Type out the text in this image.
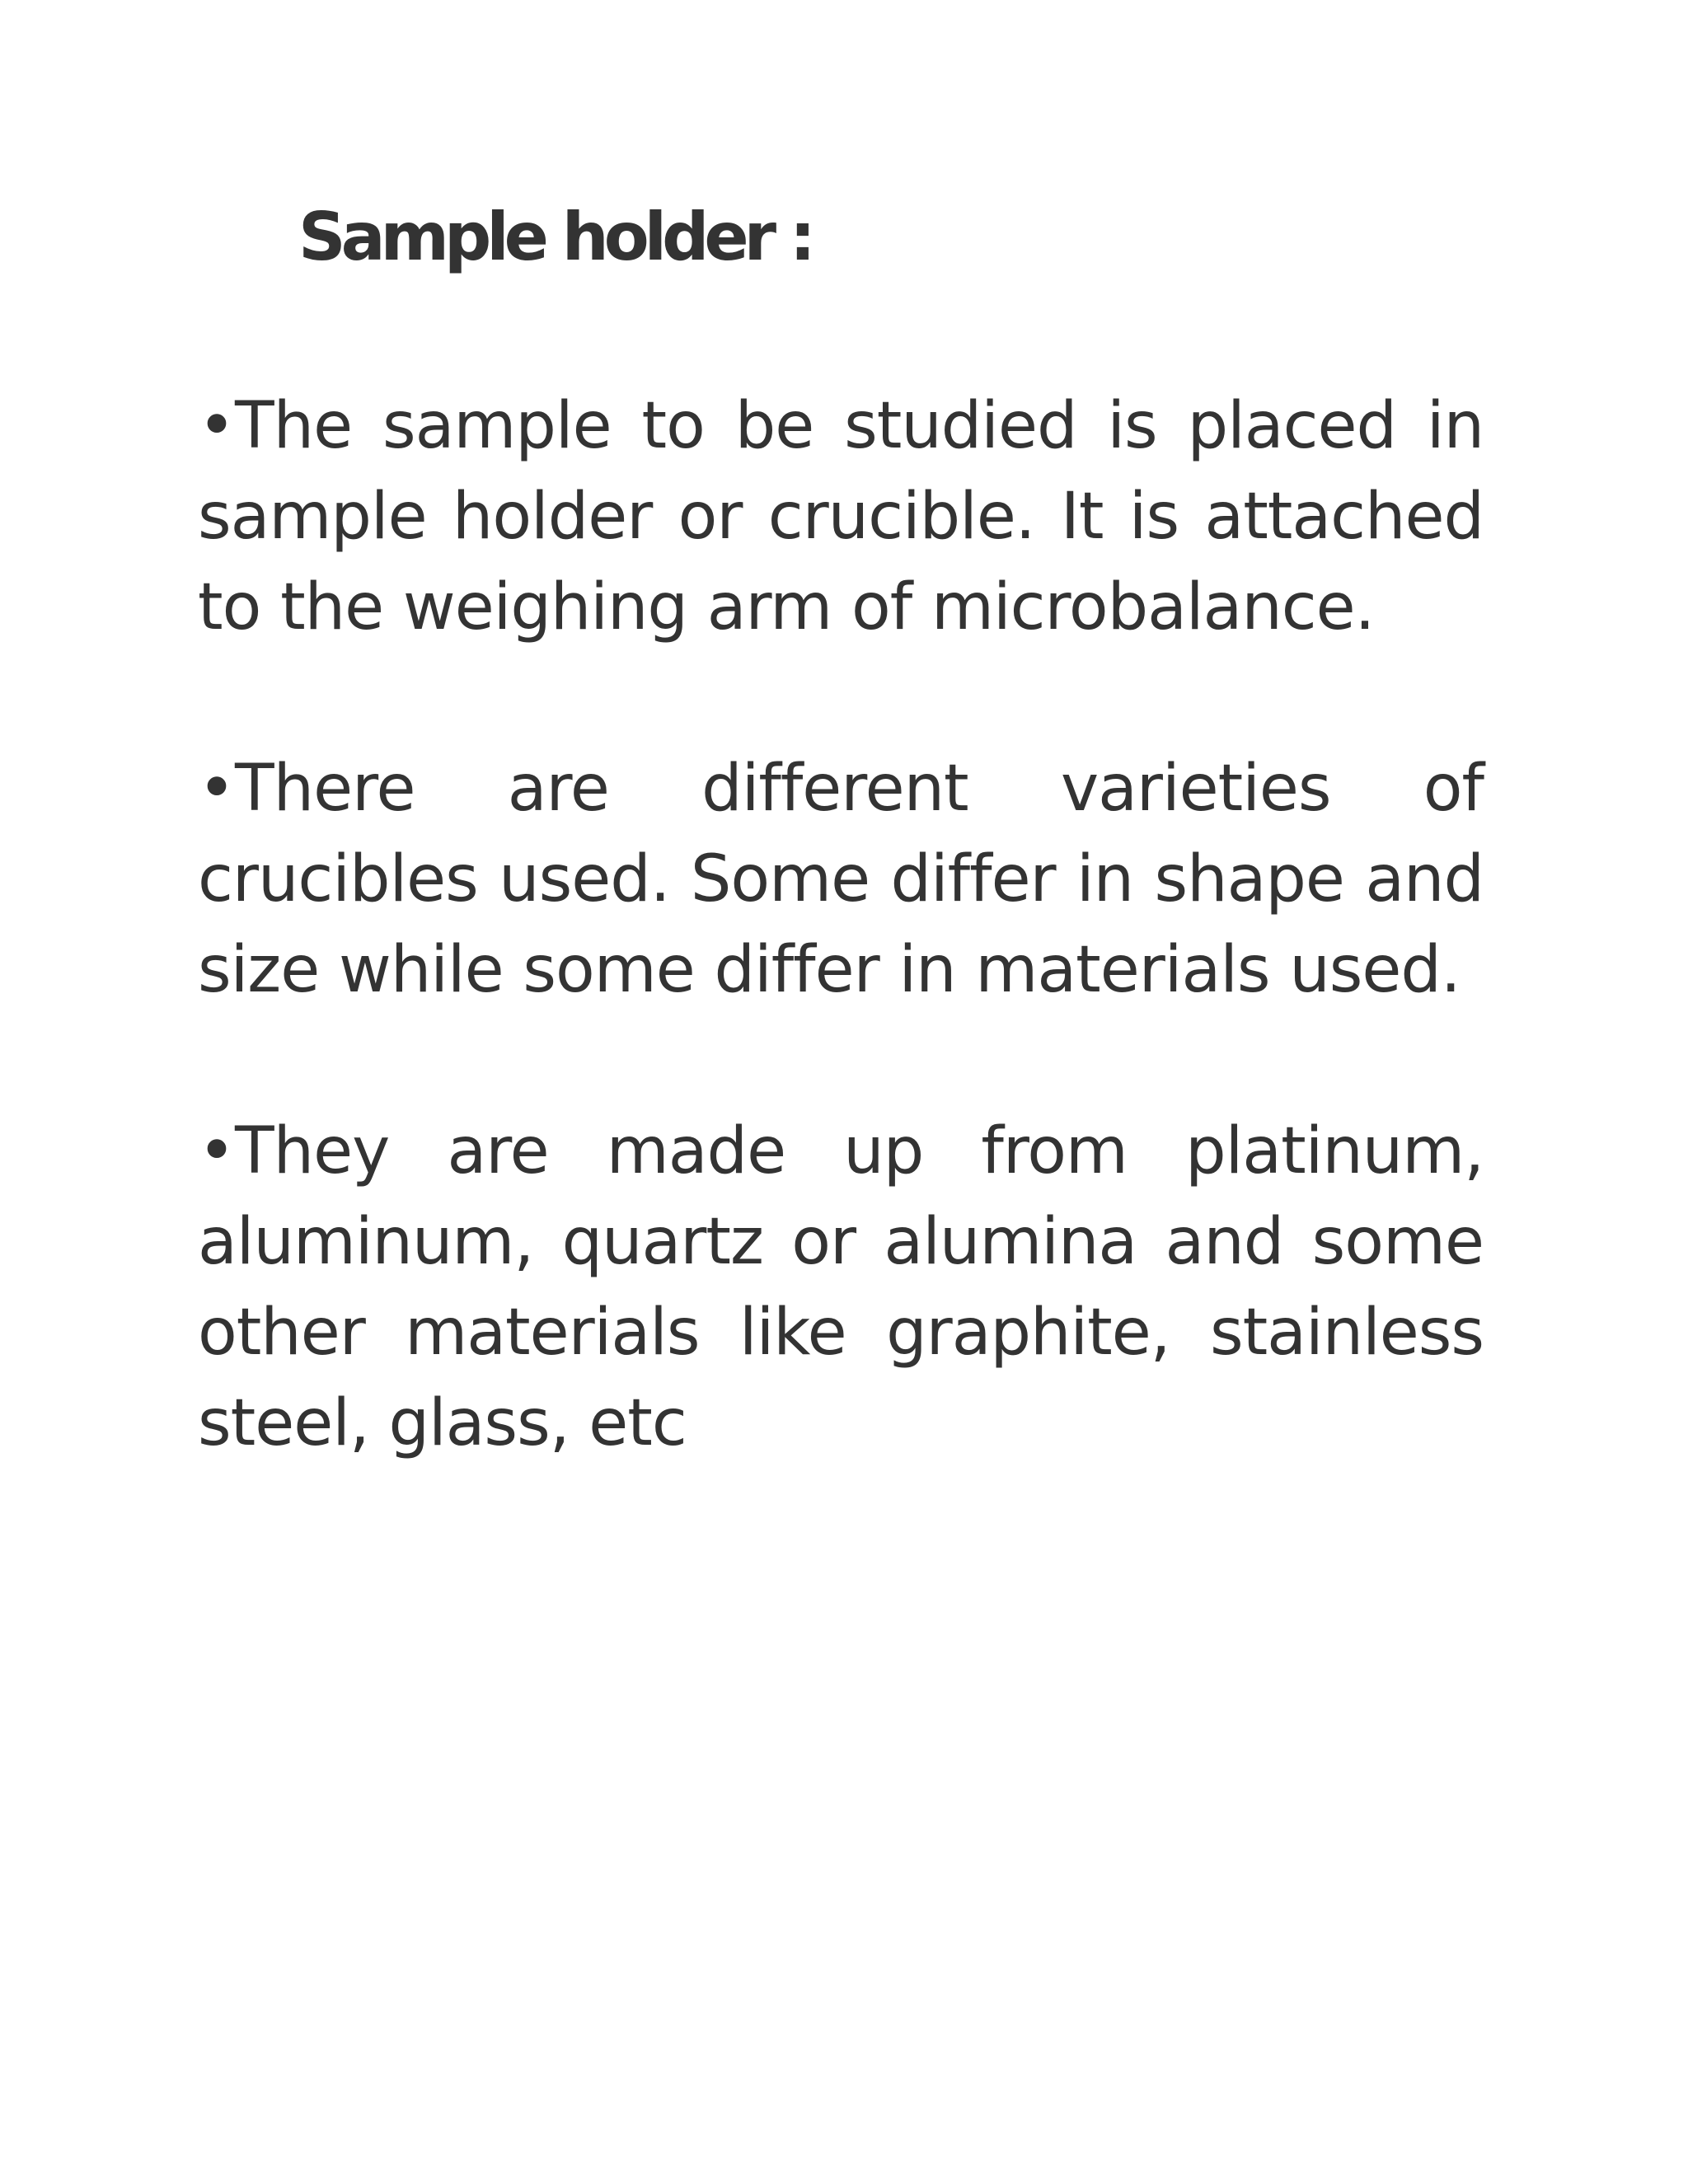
Sample holder :
•The sample to be studied is placed in sample holder or crucible. It is attached to the weighing arm of microbalance.
•There are different varieties of crucibles used. Some differ in shape and size while some differ in materials used.
•They are made up from platinum, aluminum, quartz or alumina and some other materials like graphite, stainless steel, glass, etc
